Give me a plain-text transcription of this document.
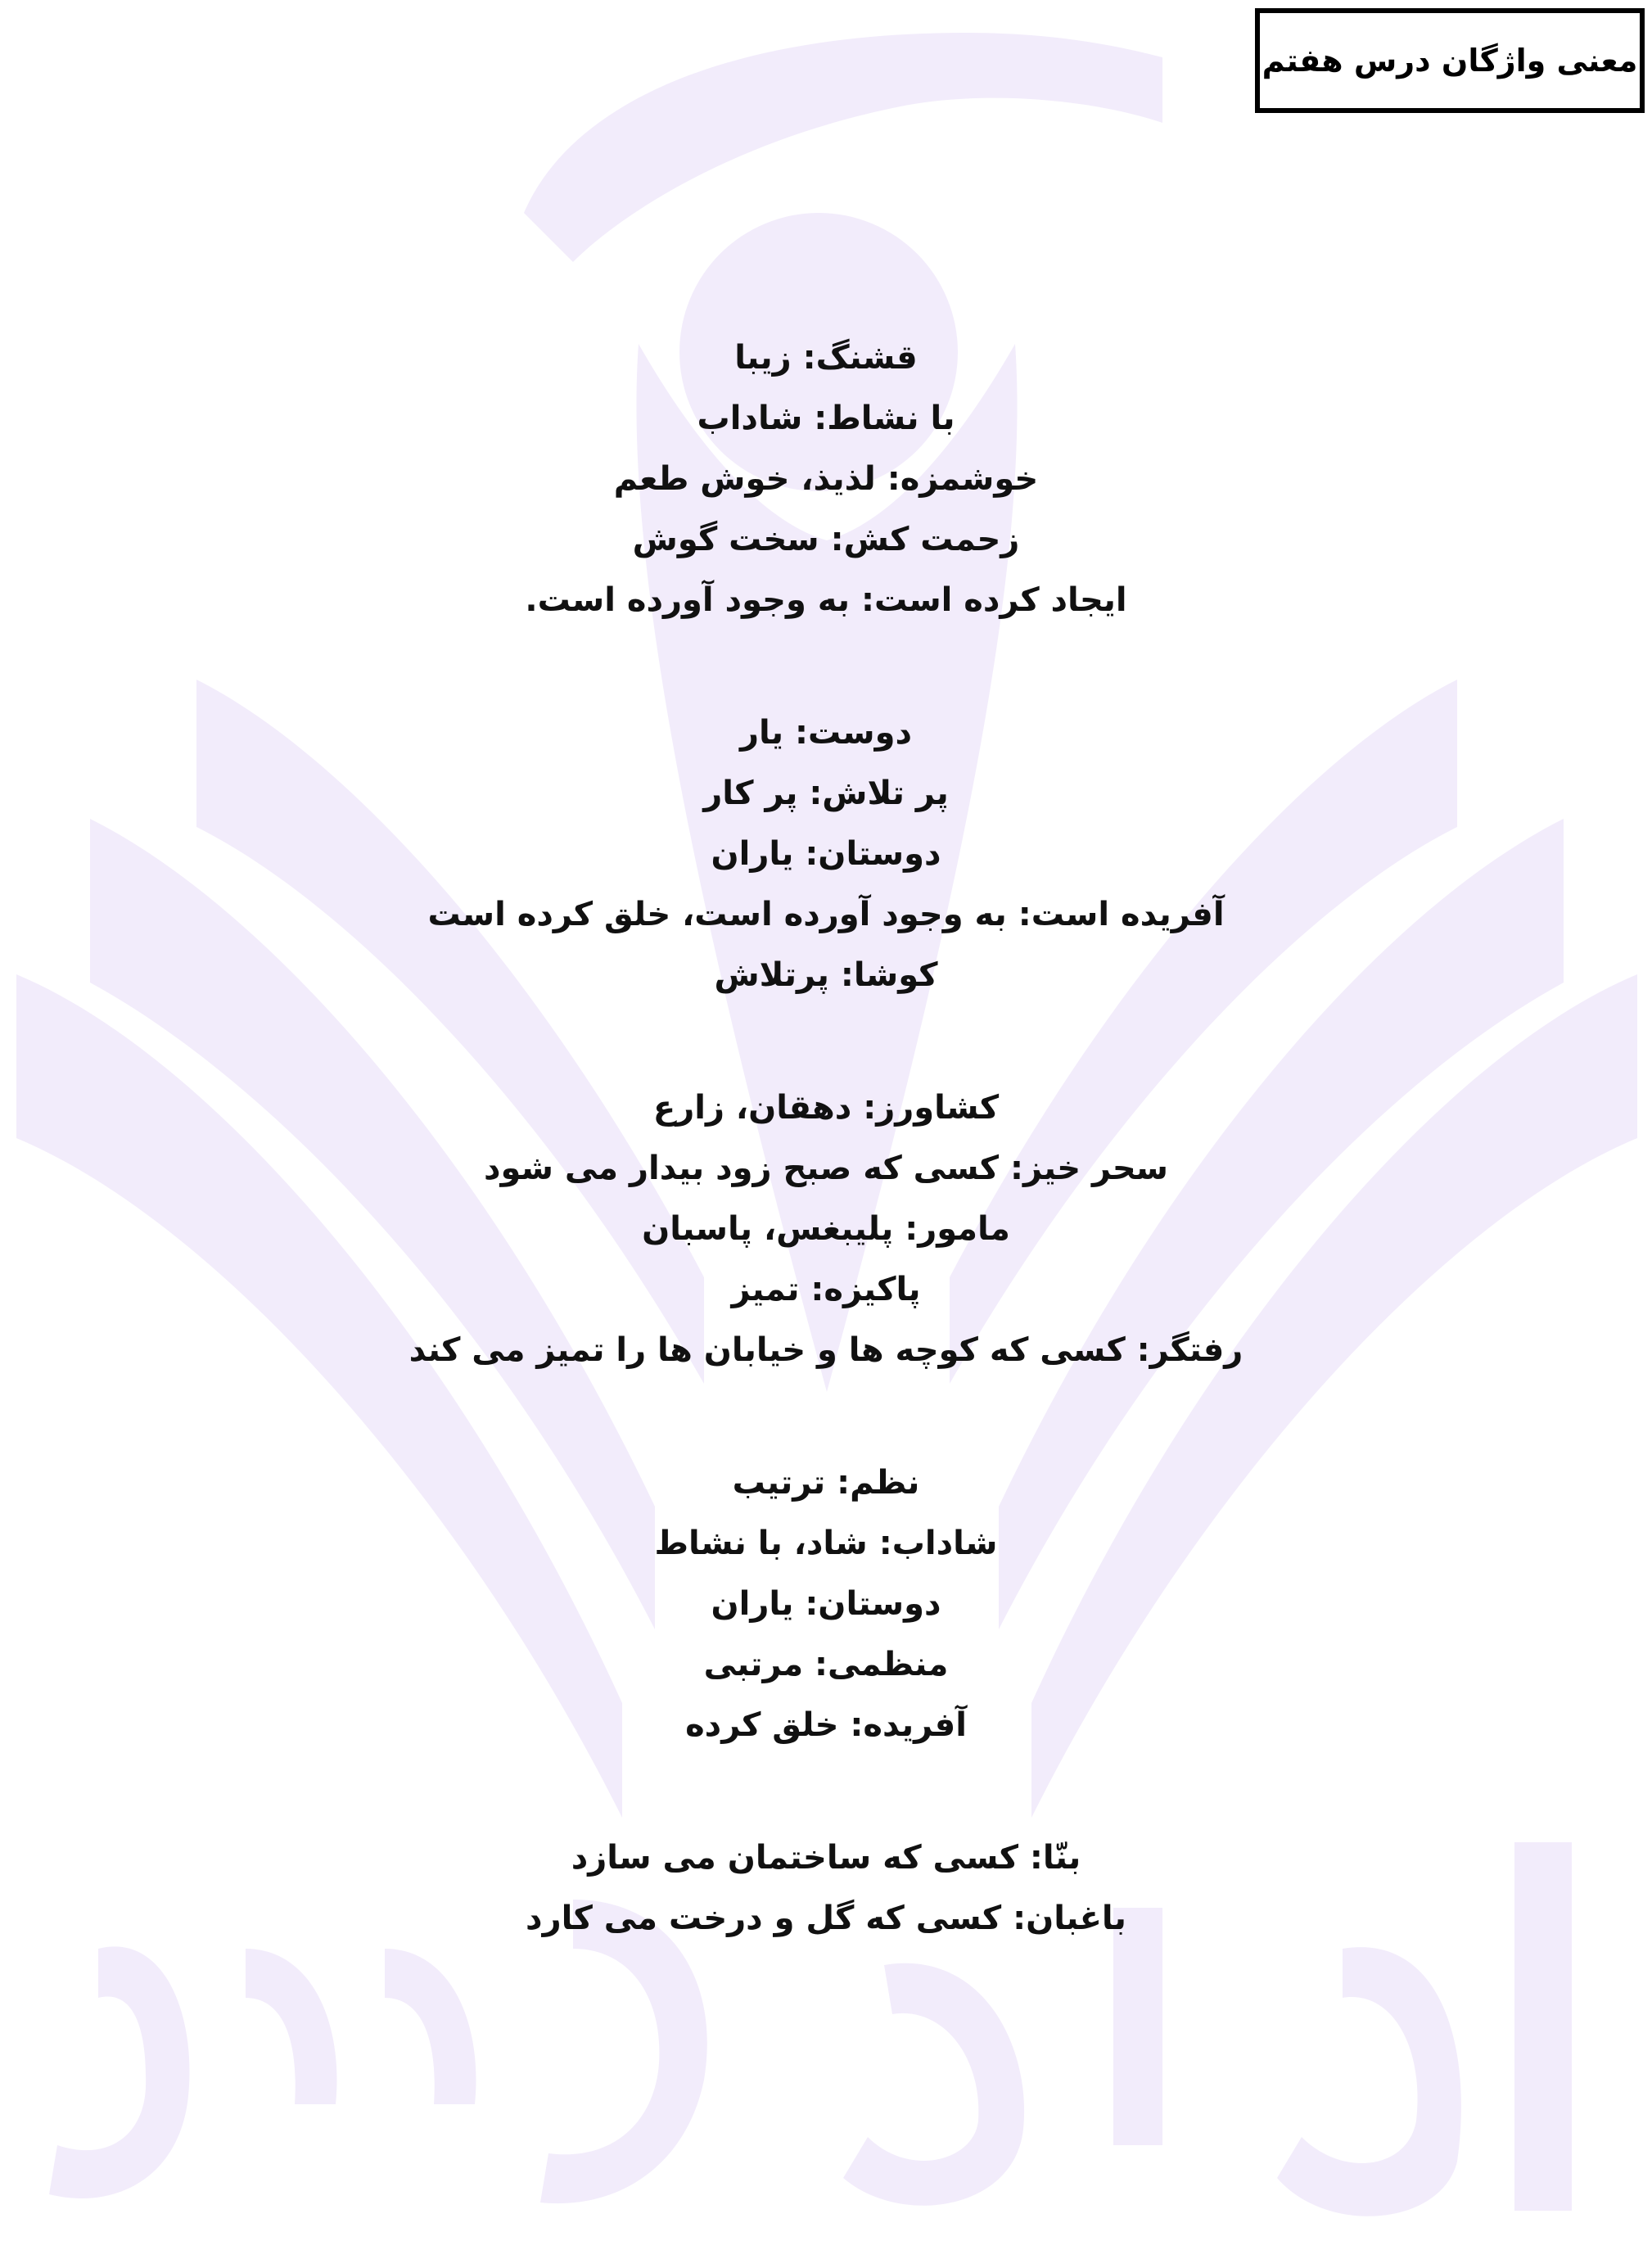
معنی واژگان درس هفتم
قشنگ: زیبا
با نشاط: شاداب
خوشمزه: لذیذ، خوش طعم
زحمت کش: سخت گوش
ایجاد کرده است: به وجود آورده است.
دوست: یار
پر تلاش: پر کار
دوستان: یاران
آفریده است: به وجود آورده است، خلق کرده است
کوشا: پرتلاش
کشاورز: دهقان، زارع
سحر خیز: کسی که صبح زود بیدار می شود
مامور: پلیبغس، پاسبان
پاکیزه: تمیز
رفتگر: کسی که کوچه ها و خیابان ها را تمیز می کند
نظم: ترتیب
شاداب: شاد، با نشاط
دوستان: یاران
منظمی: مرتبی
آفریده: خلق کرده
بنّا: کسی که ساختمان می سازد
باغبان: کسی که گل و درخت می کارد
